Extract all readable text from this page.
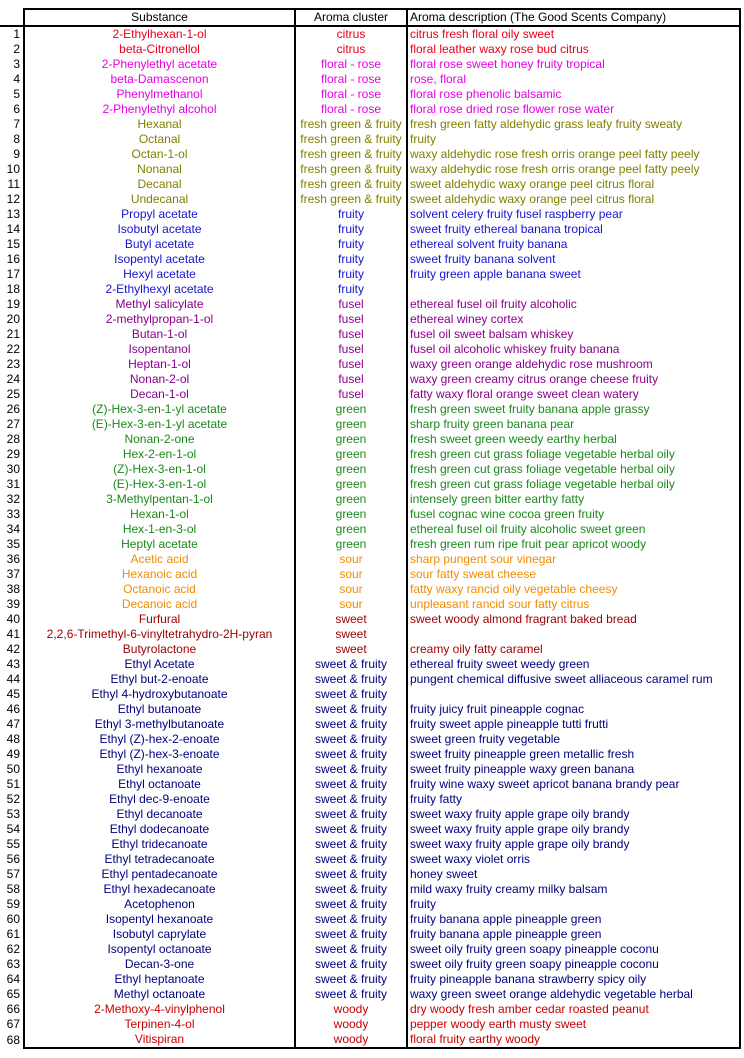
	Substance	Aroma cluster	Aroma description (The Good Scents Company)
1	2-Ethylhexan-1-ol	citrus	citrus fresh floral oily sweet
2	beta-Citronellol	citrus	floral leather waxy rose bud citrus
3	2-Phenylethyl acetate	floral - rose	floral rose sweet honey fruity tropical
4	beta-Damascenon	floral - rose	rose, floral
5	Phenylmethanol	floral - rose	floral rose phenolic balsamic
6	2-Phenylethyl alcohol	floral - rose	floral rose dried rose flower rose water
7	Hexanal	fresh green & fruity	fresh green fatty aldehydic grass leafy fruity sweaty
8	Octanal	fresh green & fruity	fruity
9	Octan-1-ol	fresh green & fruity	waxy aldehydic rose fresh orris orange peel fatty peely
10	Nonanal	fresh green & fruity	waxy aldehydic rose fresh orris orange peel fatty peely
11	Decanal	fresh green & fruity	sweet aldehydic waxy orange peel citrus floral
12	Undecanal	fresh green & fruity	sweet aldehydic waxy orange peel citrus floral
13	Propyl acetate	fruity	solvent celery fruity fusel raspberry pear
14	Isobutyl acetate	fruity	sweet fruity ethereal banana tropical
15	Butyl acetate	fruity	ethereal solvent fruity banana
16	Isopentyl acetate	fruity	sweet fruity banana solvent
17	Hexyl acetate	fruity	fruity green apple banana sweet
18	2-Ethylhexyl acetate	fruity	
19	Methyl salicylate	fusel	ethereal fusel oil fruity alcoholic
20	2-methylpropan-1-ol	fusel	ethereal winey cortex
21	Butan-1-ol	fusel	fusel oil sweet balsam whiskey
22	Isopentanol	fusel	fusel oil alcoholic whiskey fruity banana
23	Heptan-1-ol	fusel	waxy green orange aldehydic rose mushroom
24	Nonan-2-ol	fusel	waxy green creamy citrus orange cheese fruity
25	Decan-1-ol	fusel	fatty waxy floral orange sweet clean watery
26	(Z)-Hex-3-en-1-yl acetate	green	fresh green sweet fruity banana apple grassy
27	(E)-Hex-3-en-1-yl acetate	green	sharp fruity green banana pear
28	Nonan-2-one	green	fresh sweet green weedy earthy herbal
29	Hex-2-en-1-ol	green	fresh green cut grass foliage vegetable herbal oily
30	(Z)-Hex-3-en-1-ol	green	fresh green cut grass foliage vegetable herbal oily
31	(E)-Hex-3-en-1-ol	green	fresh green cut grass foliage vegetable herbal oily
32	3-Methylpentan-1-ol	green	intensely green bitter earthy fatty
33	Hexan-1-ol	green	fusel cognac wine cocoa green fruity
34	Hex-1-en-3-ol	green	ethereal fusel oil fruity alcoholic sweet green
35	Heptyl acetate	green	fresh green rum ripe fruit pear apricot woody
36	Acetic acid	sour	sharp pungent sour vinegar
37	Hexanoic acid	sour	sour fatty sweat cheese
38	Octanoic acid	sour	fatty waxy rancid oily vegetable cheesy
39	Decanoic acid	sour	unpleasant rancid sour fatty citrus
40	Furfural	sweet	sweet woody almond fragrant baked bread
41	2,2,6-Trimethyl-6-vinyltetrahydro-2H-pyran	sweet	
42	Butyrolactone	sweet	creamy oily fatty caramel
43	Ethyl Acetate	sweet & fruity	ethereal fruity sweet weedy green
44	Ethyl but-2-enoate	sweet & fruity	pungent chemical diffusive sweet alliaceous caramel rum
45	Ethyl 4-hydroxybutanoate	sweet & fruity	
46	Ethyl butanoate	sweet & fruity	fruity juicy fruit pineapple cognac
47	Ethyl 3-methylbutanoate	sweet & fruity	fruity sweet apple pineapple tutti frutti
48	Ethyl (Z)-hex-2-enoate	sweet & fruity	sweet green fruity vegetable
49	Ethyl (Z)-hex-3-enoate	sweet & fruity	sweet fruity pineapple green metallic fresh
50	Ethyl hexanoate	sweet & fruity	sweet fruity pineapple waxy green banana
51	Ethyl octanoate	sweet & fruity	fruity wine waxy sweet apricot banana brandy pear
52	Ethyl dec-9-enoate	sweet & fruity	fruity fatty
53	Ethyl decanoate	sweet & fruity	sweet waxy fruity apple grape oily brandy
54	Ethyl dodecanoate	sweet & fruity	sweet waxy fruity apple grape oily brandy
55	Ethyl tridecanoate	sweet & fruity	sweet waxy fruity apple grape oily brandy
56	Ethyl tetradecanoate	sweet & fruity	sweet waxy violet orris
57	Ethyl pentadecanoate	sweet & fruity	honey sweet
58	Ethyl hexadecanoate	sweet & fruity	mild waxy fruity creamy milky balsam
59	Acetophenon	sweet & fruity	fruity
60	Isopentyl hexanoate	sweet & fruity	fruity banana apple pineapple green
61	Isobutyl caprylate	sweet & fruity	fruity banana apple pineapple green
62	Isopentyl octanoate	sweet & fruity	sweet oily fruity green soapy pineapple coconu
63	Decan-3-one	sweet & fruity	sweet oily fruity green soapy pineapple coconu
64	Ethyl heptanoate	sweet & fruity	fruity pineapple banana strawberry spicy oily
65	Methyl octanoate	sweet & fruity	waxy green sweet orange aldehydic vegetable herbal
66	2-Methoxy-4-vinylphenol	woody	dry woody fresh amber cedar roasted peanut
67	Terpinen-4-ol	woody	pepper woody earth musty sweet
68	Vitispiran	woody	floral fruity earthy woody
